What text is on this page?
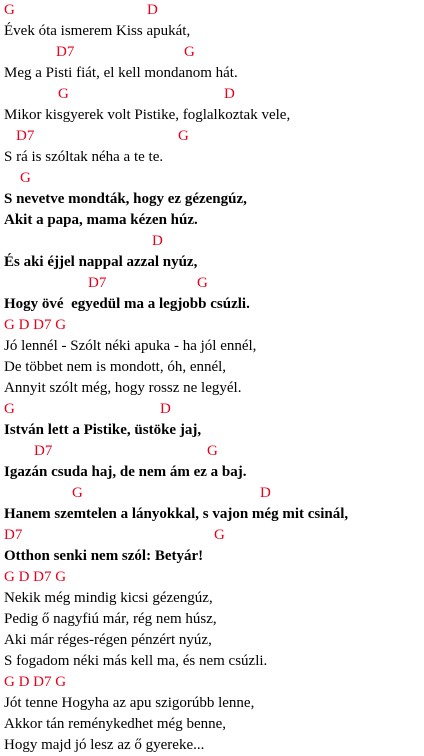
G	D
Évek óta ismerem Kiss apukát,
D7	G
Meg a Pisti fiát, el kell mondanom hát.
G	D
Mikor kisgyerek volt Pistike, foglalkoztak vele,
D7	G
S rá is szóltak néha a te te.
G
S nevetve mondták, hogy ez gézengúz,
Akit a papa, mama kézen húz.
D
És aki éjjel nappal azzal nyúz,
D7	G
Hogy övé  egyedül ma a legjobb csúzli.
G D D7 G
Jó lennél - Szólt néki apuka - ha jól ennél,
De többet nem is mondott, óh, ennél,
Annyit szólt még, hogy rossz ne legyél.
G	D
István lett a Pistike, üstöke jaj,
D7	G
Igazán csuda haj, de nem ám ez a baj.
G	D
Hanem szemtelen a lányokkal, s vajon még mit csinál,
D7	G
Otthon senki nem szól: Betyár!
G D D7 G
Nekik még mindig kicsi gézengúz,
Pedig ő nagyfiú már, rég nem húsz,
Aki már réges-régen pénzért nyúz,
S fogadom néki más kell ma, és nem csúzli.
G D D7 G
Jót tenne Hogyha az apu szigorúbb lenne,
Akkor tán reménykedhet még benne,
Hogy majd jó lesz az ő gyereke...
